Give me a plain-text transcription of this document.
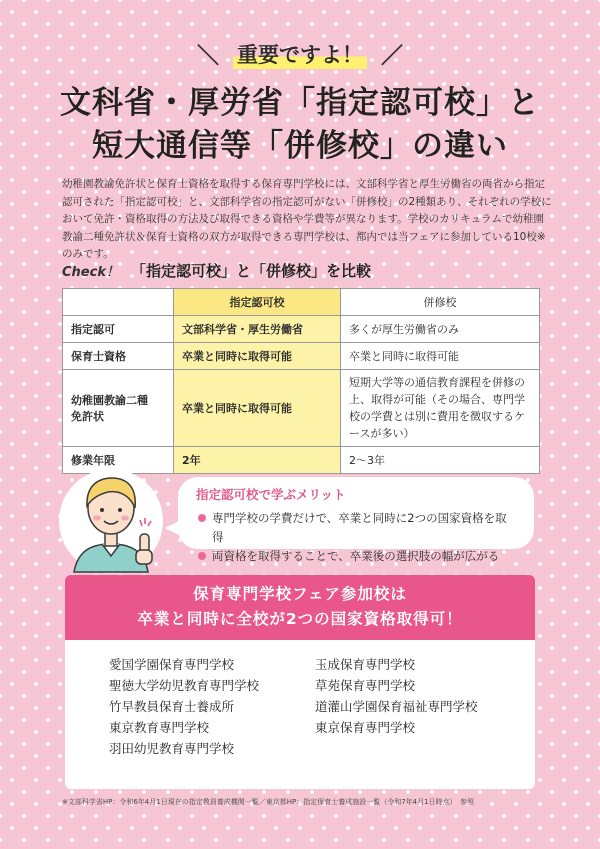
＼ 重要ですよ！ ／
文科省・厚労省「指定認可校」と
短大通信等「併修校」の違い

幼稚園教諭免許状と保育士資格を取得する保育専門学校には、文部科学省と厚生労働省の両省から指定認可された「指定認可校」と、文部科学省の指定認可がない「併修校」の2種類あり、それぞれの学校において免許・資格取得の方法及び取得できる資格や学費等が異なります。学校のカリキュラムで幼稚園教諭二種免許状＆保育士資格の双方が取得できる専門学校は、都内では当フェアに参加している10校※のみです。

Check！ 「指定認可校」と「併修校」を比較
	指定認可校	併修校
指定認可	文部科学省・厚生労働省	多くが厚生労働省のみ
保育士資格	卒業と同時に取得可能	卒業と同時に取得可能
幼稚園教諭二種
免許状	卒業と同時に取得可能	短期大学等の通信教育課程を併修の上、取得が可能（その場合、専門学校の学費とは別に費用を徴収するケースが多い）
修業年限	2年	2〜3年

指定認可校で学ぶメリット

専門学校の学費だけで、卒業と同時に2つの国家資格を取得
両資格を取得することで、卒業後の選択肢の幅が広がる
保育専門学校フェア参加校は
卒業と同時に全校が2つの国家資格取得可！
愛国学園保育専門学校
聖徳大学幼児教育専門学校
竹早教員保育士養成所
東京教育専門学校
羽田幼児教育専門学校
玉成保育専門学校
草苑保育専門学校
道灌山学園保育福祉専門学校
東京保育専門学校

※文部科学省HP：令和6年4月1日現在の指定教員養成機関一覧／東京都HP：指定保育士養成施設一覧（令和7年4月1日時点）　参照
